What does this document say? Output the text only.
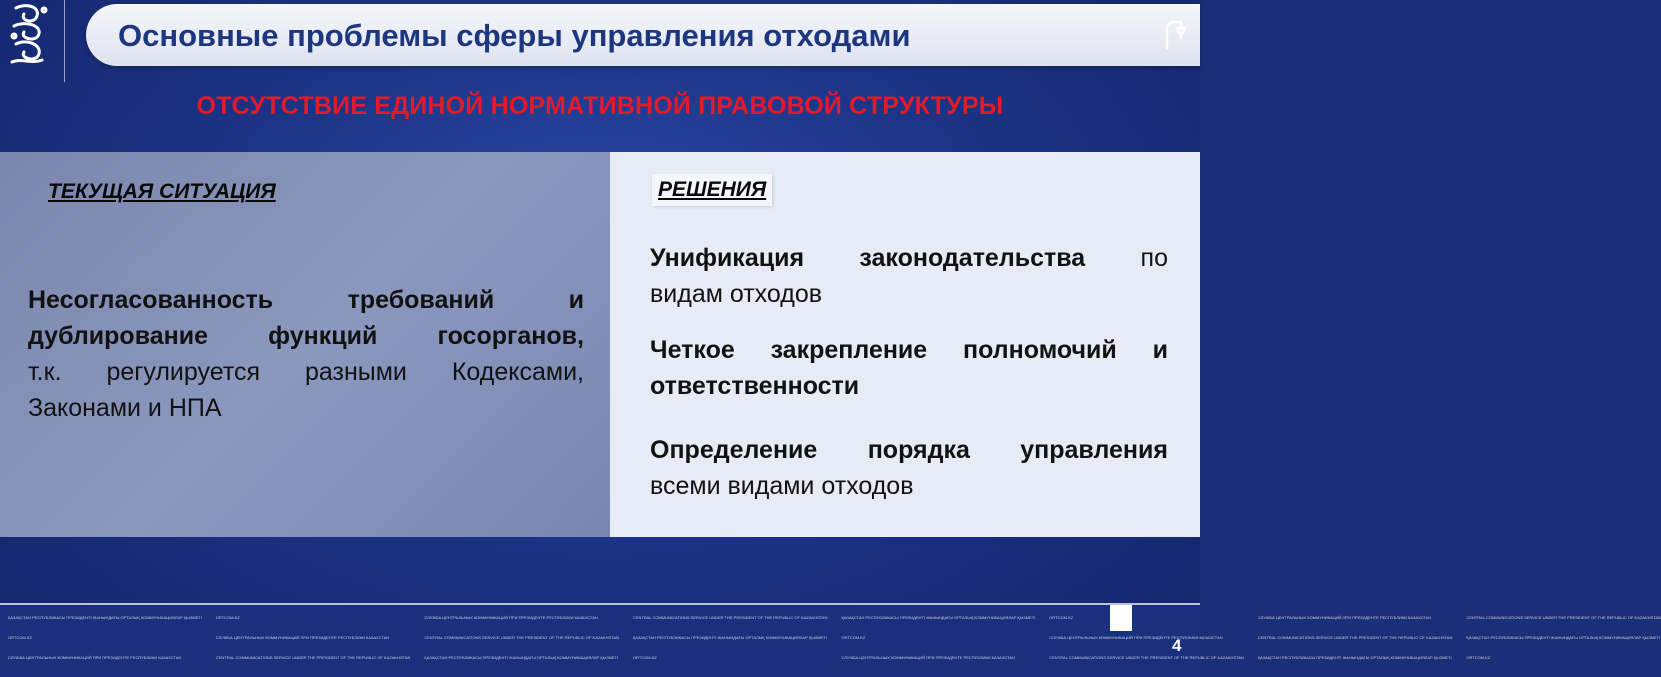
Основные проблемы сферы управления отходами
ОТСУТСТВИЕ ЕДИНОЙ НОРМАТИВНОЙ ПРАВОВОЙ СТРУКТУРЫ
ТЕКУЩАЯ СИТУАЦИЯ
Несогласованность требований и
дублирование функций госорганов,
т.к. регулируется разными Кодексами,
Законами и НПА
РЕШЕНИЯ
Унификация законодательства по
видам отходов
Четкое закрепление полномочий и
ответственности
Определение порядка управления
всеми видами отходов
ҚАЗАҚСТАН РЕСПУБЛИКАСЫ ПРЕЗИДЕНТІ ЖАНЫНДАҒЫ ОРТАЛЫҚ КОММУНИКАЦИЯЛАР ҚЫЗМЕТІ	ORTCOM.KZ	СЛУЖБА ЦЕНТРАЛЬНЫХ КОММУНИКАЦИЙ ПРИ ПРЕЗИДЕНТЕ РЕСПУБЛИКИ КАЗАХСТАН	CENTRAL COMMUNICATIONS SERVICE UNDER THE PRESIDENT OF THE REPUBLIC OF KAZAKHSTAN	ҚАЗАҚСТАН РЕСПУБЛИКАСЫ ПРЕЗИДЕНТІ ЖАНЫНДАҒЫ ОРТАЛЫҚ КОММУНИКАЦИЯЛАР ҚЫЗМЕТІ	ORTCOM.KZ	СЛУЖБА ЦЕНТРАЛЬНЫХ КОММУНИКАЦИЙ ПРИ ПРЕЗИДЕНТЕ РЕСПУБЛИКИ КАЗАХСТАН	CENTRAL COMMUNICATIONS SERVICE UNDER THE PRESIDENT OF THE REPUBLIC OF KAZAKHSTAN
ORTCOM.KZ	СЛУЖБА ЦЕНТРАЛЬНЫХ КОММУНИКАЦИЙ ПРИ ПРЕЗИДЕНТЕ РЕСПУБЛИКИ КАЗАХСТАН	CENTRAL COMMUNICATIONS SERVICE UNDER THE PRESIDENT OF THE REPUBLIC OF KAZAKHSTAN	ҚАЗАҚСТАН РЕСПУБЛИКАСЫ ПРЕЗИДЕНТІ ЖАНЫНДАҒЫ ОРТАЛЫҚ КОММУНИКАЦИЯЛАР ҚЫЗМЕТІ	ORTCOM.KZ	СЛУЖБА ЦЕНТРАЛЬНЫХ КОММУНИКАЦИЙ ПРИ ПРЕЗИДЕНТЕ РЕСПУБЛИКИ КАЗАХСТАН	CENTRAL COMMUNICATIONS SERVICE UNDER THE PRESIDENT OF THE REPUBLIC OF KAZAKHSTAN	ҚАЗАҚСТАН РЕСПУБЛИКАСЫ ПРЕЗИДЕНТІ ЖАНЫНДАҒЫ ОРТАЛЫҚ КОММУНИКАЦИЯЛАР ҚЫЗМЕТІ
СЛУЖБА ЦЕНТРАЛЬНЫХ КОММУНИКАЦИЙ ПРИ ПРЕЗИДЕНТЕ РЕСПУБЛИКИ КАЗАХСТАН	CENTRAL COMMUNICATIONS SERVICE UNDER THE PRESIDENT OF THE REPUBLIC OF KAZAKHSTAN	ҚАЗАҚСТАН РЕСПУБЛИКАСЫ ПРЕЗИДЕНТІ ЖАНЫНДАҒЫ ОРТАЛЫҚ КОММУНИКАЦИЯЛАР ҚЫЗМЕТІ	ORTCOM.KZ	СЛУЖБА ЦЕНТРАЛЬНЫХ КОММУНИКАЦИЙ ПРИ ПРЕЗИДЕНТЕ РЕСПУБЛИКИ КАЗАХСТАН	CENTRAL COMMUNICATIONS SERVICE UNDER THE PRESIDENT OF THE REPUBLIC OF KAZAKHSTAN	ҚАЗАҚСТАН РЕСПУБЛИКАСЫ ПРЕЗИДЕНТІ ЖАНЫНДАҒЫ ОРТАЛЫҚ КОММУНИКАЦИЯЛАР ҚЫЗМЕТІ	ORTCOM.KZ
4
